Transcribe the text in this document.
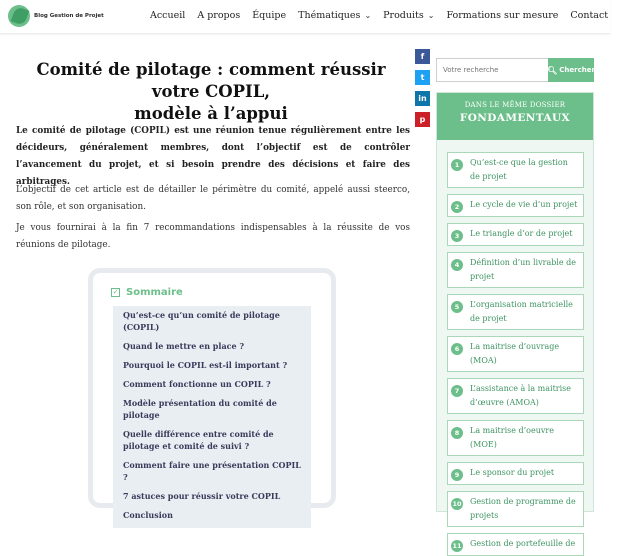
Blog Gestion de Projet	Accueil A propos Équipe Thématiques ⌄ Produits ⌄ Formations sur mesure Contact
Comité de pilotage : comment réussir votre COPIL,
modèle à l’appui
f
t
in
p

Le comité de pilotage (COPIL) est une réunion tenue régulièrement entre les décideurs, généralement membres, dont l’objectif est de contrôler l’avancement du projet, et si besoin prendre des décisions et faire des arbitrages.

L’objectif de cet article est de détailler le périmètre du comité, appelé aussi steerco, son rôle, et son organisation.

Je vous fournirai à la fin 7 recommandations indispensables à la réussite de vos réunions de pilotage.

✓ Sommaire
Qu’est-ce qu’un comité de pilotage (COPIL)
Quand le mettre en place ?
Pourquoi le COPIL est-il important ?
Comment fonctionne un COPIL ?
Modèle présentation du comité de pilotage
Quelle différence entre comité de pilotage et comité de suivi ?
Comment faire une présentation COPIL ?
7 astuces pour réussir votre COPIL
Conclusion
Votre recherche
🔍︎ Chercher
DANS LE MÊME DOSSIER
FONDAMENTAUX
1	Qu’est-ce que la gestion de projet
2	Le cycle de vie d’un projet
3	Le triangle d’or de projet
4	Définition d’un livrable de projet
5	L’organisation matricielle de projet
6	La maitrise d’ouvrage (MOA)
7	L’assistance à la maitrise d’œuvre (AMOA)
8	La maitrise d’oeuvre (MOE)
9	Le sponsor du projet
10 Gestion de programme de projets
11 Gestion de portefeuille de
